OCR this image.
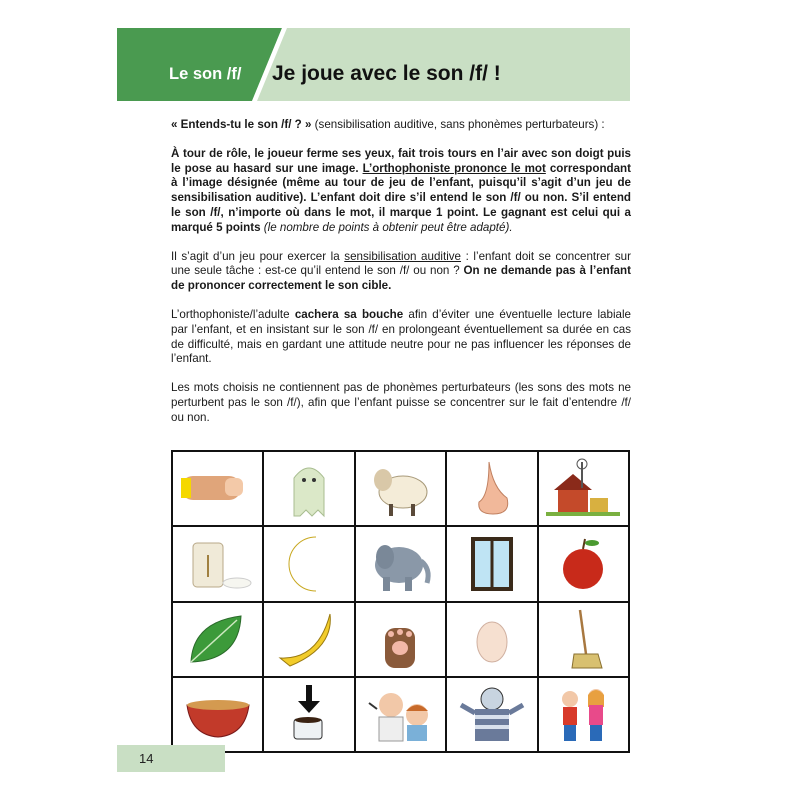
Le son /f/ Je joue avec le son /f/ !

« Entends-tu le son /f/ ? » (sensibilisation auditive, sans phonèmes perturbateurs) :

À tour de rôle, le joueur ferme ses yeux, fait trois tours en l’air avec son doigt puis le pose au hasard sur une image. L’orthophoniste prononce le mot correspondant à l’image désignée (même au tour de jeu de l’enfant, puisqu’il s’agit d’un jeu de sensibilisation auditive). L’enfant doit dire s’il entend le son /f/ ou non. S’il entend le son /f/, n’importe où dans le mot, il marque 1 point. Le gagnant est celui qui a marqué 5 points (le nombre de points à obtenir peut être adapté).

Il s’agit d’un jeu pour exercer la sensibilisation auditive : l’enfant doit se concentrer sur une seule tâche : est-ce qu’il entend le son /f/ ou non ? On ne demande pas à l’enfant de prononcer correctement le son cible.

L’orthophoniste/l’adulte cachera sa bouche afin d’éviter une éventuelle lecture labiale par l’enfant, et en insistant sur le son /f/ en prolongeant éventuellement sa durée en cas de difficulté, mais en gardant une attitude neutre pour ne pas influencer les réponses de l’enfant.

Les mots choisis ne contiennent pas de phonèmes perturbateurs (les sons des mots ne perturbent pas le son /f/), afin que l’enfant puisse se concentrer sur le fait d’entendre /f/ ou non.

14
